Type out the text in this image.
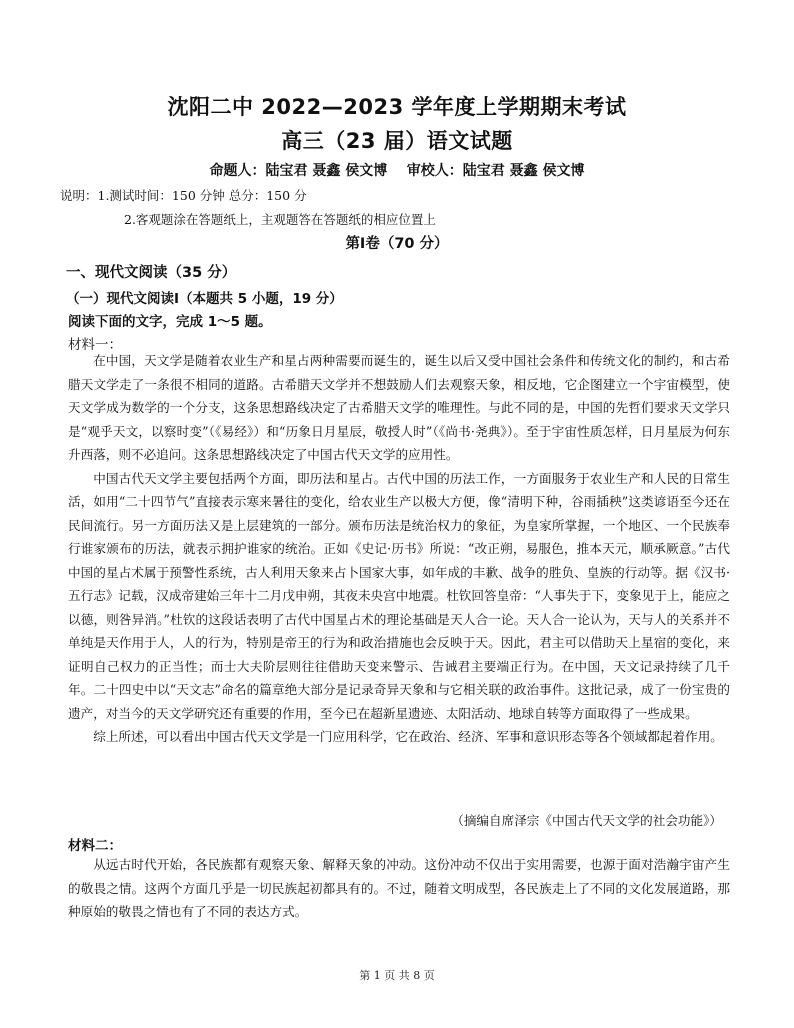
沈阳二中 2022—2023 学年度上学期期末考试
高三（23 届）语文试题
命题人：陆宝君 聂鑫 侯文博 审校人：陆宝君 聂鑫 侯文博
说明：1.测试时间：150 分钟 总分：150 分
2.客观题涂在答题纸上，主观题答在答题纸的相应位置上
第Ⅰ卷（70 分）
一、现代文阅读（35 分）
（一）现代文阅读Ⅰ（本题共 5 小题，19 分）
阅读下面的文字，完成 1～5 题。
材料一：

在中国，天文学是随着农业生产和星占两种需要而诞生的，诞生以后又受中国社会条件和传统文化的制约，和古希腊天文学走了一条很不相同的道路。古希腊天文学并不想鼓励人们去观察天象，相反地，它企图建立一个宇宙模型，使天文学成为数学的一个分支，这条思想路线决定了古希腊天文学的唯理性。与此不同的是，中国的先哲们要求天文学只是“观乎天文，以察时变”（《易经》）和“历象日月星辰，敬授人时”（《尚书·尧典》）。至于宇宙性质怎样，日月星辰为何东升西落，则不必追问。这条思想路线决定了中国古代天文学的应用性。

中国古代天文学主要包括两个方面，即历法和星占。古代中国的历法工作，一方面服务于农业生产和人民的日常生活，如用“二十四节气”直接表示寒来暑往的变化，给农业生产以极大方便，像“清明下种，谷雨插秧”这类谚语至今还在民间流行。另一方面历法又是上层建筑的一部分。颁布历法是统治权力的象征，为皇家所掌握，一个地区、一个民族奉行谁家颁布的历法，就表示拥护谁家的统治。正如《史记·历书》所说：“改正朔，易服色，推本天元，顺承厥意。”古代中国的星占术属于预警性系统，古人利用天象来占卜国家大事，如年成的丰歉、战争的胜负、皇族的行动等。据《汉书·五行志》记载，汉成帝建始三年十二月戊申朔，其夜未央宫中地震。杜钦回答皇帝：“人事失于下，变象见于上，能应之以德，则咎异消。”杜钦的这段话表明了古代中国星占术的理论基础是天人合一论。天人合一论认为，天与人的关系并不单纯是天作用于人，人的行为，特别是帝王的行为和政治措施也会反映于天。因此，君主可以借助天上星宿的变化，来证明自己权力的正当性；而士大夫阶层则往往借助天变来警示、告诫君主要端正行为。在中国，天文记录持续了几千年。二十四史中以“天文志”命名的篇章绝大部分是记录奇异天象和与它相关联的政治事件。这批记录，成了一份宝贵的遗产，对当今的天文学研究还有重要的作用，至今已在超新星遗迹、太阳活动、地球自转等方面取得了一些成果。

综上所述，可以看出中国古代天文学是一门应用科学，它在政治、经济、军事和意识形态等各个领域都起着作用。

（摘编自席泽宗《中国古代天文学的社会功能》）
材料二：

从远古时代开始，各民族都有观察天象、解释天象的冲动。这份冲动不仅出于实用需要，也源于面对浩瀚宇宙产生的敬畏之情。这两个方面几乎是一切民族起初都具有的。不过，随着文明成型，各民族走上了不同的文化发展道路，那种原始的敬畏之情也有了不同的表达方式。

第 1 页 共 8 页
